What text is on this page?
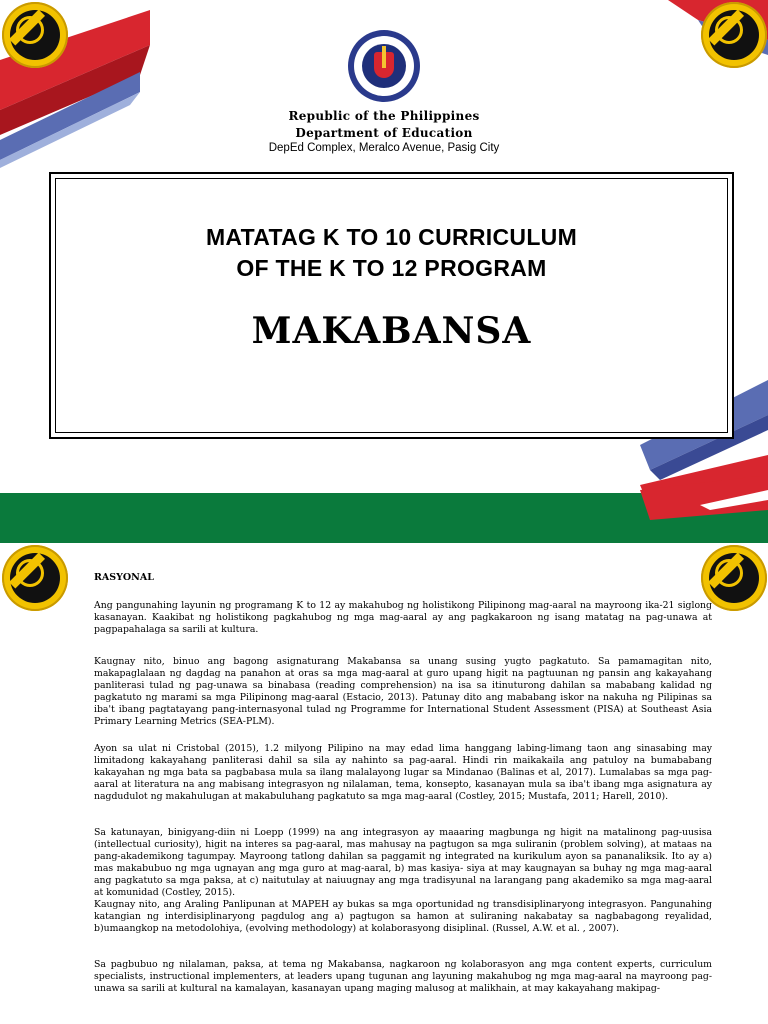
Republic of the Philippines
Department of Education
DepEd Complex, Meralco Avenue, Pasig City
MATATAG K TO 10 CURRICULUM
OF THE K TO 12 PROGRAM
MAKABANSA
RASYONAL

Ang pangunahing layunin ng programang K to 12 ay makahubog ng holistikong Pilipinong mag-aaral na mayroong ika-21 siglong kasanayan. Kaakibat ng holistikong pagkahubog ng mga mag-aaral ay ang pagkakaroon ng isang matatag na pag-unawa at pagpapahalaga sa sarili at kultura.

Kaugnay nito, binuo ang bagong asignaturang Makabansa sa unang susing yugto pagkatuto. Sa pamamagitan nito, makapaglalaan ng dagdag na panahon at oras sa mga mag-aaral at guro upang higit na pagtuunan ng pansin ang kakayahang panliterasi tulad ng pag-unawa sa binabasa (reading comprehension) na isa sa itinuturong dahilan sa mababang kalidad ng pagkatuto ng marami sa mga Pilipinong mag-aaral (Estacio, 2013). Patunay dito ang mababang iskor na nakuha ng Pilipinas sa iba't ibang pagtatayang pang-internasyonal tulad ng Programme for International Student Assessment (PISA) at Southeast Asia Primary Learning Metrics (SEA-PLM).

Ayon sa ulat ni Cristobal (2015), 1.2 milyong Pilipino na may edad lima hanggang labing-limang taon ang sinasabing may limitadong kakayahang panliterasi dahil sa sila ay nahinto sa pag-aaral. Hindi rin maikakaila ang patuloy na bumababang kakayahan ng mga bata sa pagbabasa mula sa ilang malalayong lugar sa Mindanao (Balinas et al, 2017). Lumalabas sa mga pag-aaral at literatura na ang mabisang integrasyon ng nilalaman, tema, konsepto, kasanayan mula sa iba't ibang mga asignatura ay nagdudulot ng makahulugan at makabuluhang pagkatuto sa mga mag-aaral (Costley, 2015; Mustafa, 2011; Harell, 2010).

Sa katunayan, binigyang-diin ni Loepp (1999) na ang integrasyon ay maaaring magbunga ng higit na matalinong pag-uusisa (intellectual curiosity), higit na interes sa pag-aaral, mas mahusay na pagtugon sa mga suliranin (problem solving), at mataas na pang-akademikong tagumpay. Mayroong tatlong dahilan sa paggamit ng integrated na kurikulum ayon sa pananaliksik. Ito ay a) mas makabubuo ng mga ugnayan ang mga guro at mag-aaral, b) mas kasiya- siya at may kaugnayan sa buhay ng mga mag-aaral ang pagkatuto sa mga paksa, at c) naitutulay at naiuugnay ang mga tradisyunal na larangang pang akademiko sa mga mag-aaral at komunidad (Costley, 2015).

Kaugnay nito, ang Araling Panlipunan at MAPEH ay bukas sa mga oportunidad ng transdisiplinaryong integrasyon. Pangunahing katangian ng interdisiplinaryong pagdulog ang a) pagtugon sa hamon at suliraning nakabatay sa nagbabagong reyalidad, b)umaangkop na metodolohiya, (evolving methodology) at kolaborasyong disiplinal. (Russel, A.W. et al. , 2007).

Sa pagbubuo ng nilalaman, paksa, at tema ng Makabansa, nagkaroon ng kolaborasyon ang mga content experts, curriculum specialists, instructional implementers, at leaders upang tugunan ang layuning makahubog ng mga mag-aaral na mayroong pag-unawa sa sarili at kultural na kamalayan, kasanayan upang maging malusog at malikhain, at may kakayahang makipag-
